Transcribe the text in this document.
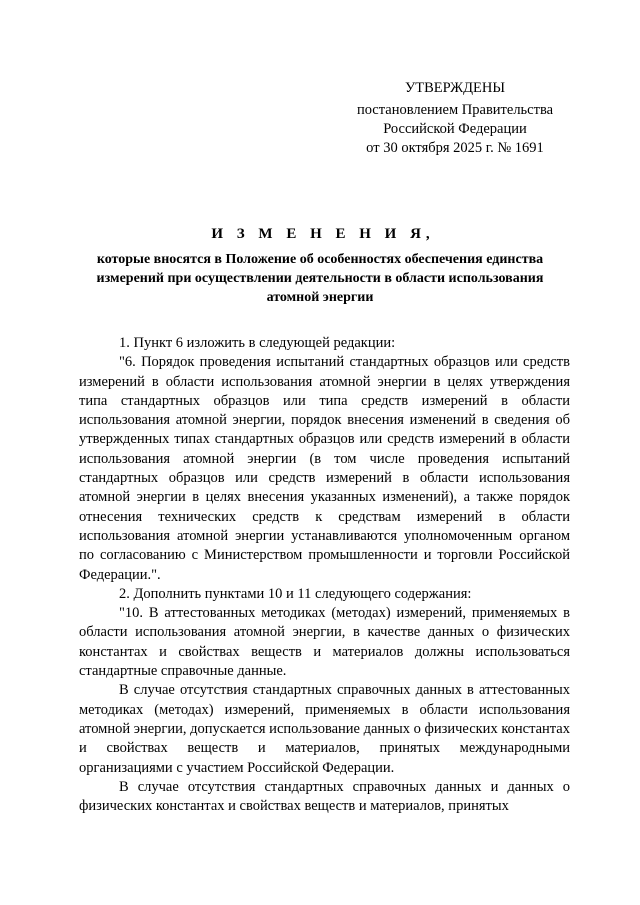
УТВЕРЖДЕНЫ
постановлением Правительства
Российской Федерации
от 30 октября 2025 г. № 1691
И З М Е Н Е Н И Я,
которые вносятся в Положение об особенностях обеспечения единства измерений при осуществлении деятельности в области использования атомной энергии

1. Пункт 6 изложить в следующей редакции:

"6. Порядок проведения испытаний стандартных образцов или средств измерений в области использования атомной энергии в целях утверждения типа стандартных образцов или типа средств измерений в области использования атомной энергии, порядок внесения изменений в сведения об утвержденных типах стандартных образцов или средств измерений в области использования атомной энергии (в том числе проведения испытаний стандартных образцов или средств измерений в области использования атомной энергии в целях внесения указанных изменений), а также порядок отнесения технических средств к средствам измерений в области использования атомной энергии устанавливаются уполномоченным органом по согласованию с Министерством промышленности и торговли Российской Федерации.".

2. Дополнить пунктами 10 и 11 следующего содержания:

"10. В аттестованных методиках (методах) измерений, применяемых в области использования атомной энергии, в качестве данных о физических константах и свойствах веществ и материалов должны использоваться стандартные справочные данные.

В случае отсутствия стандартных справочных данных в аттестованных методиках (методах) измерений, применяемых в области использования атомной энергии, допускается использование данных о физических константах и свойствах веществ и материалов, принятых международными организациями с участием Российской Федерации.

В случае отсутствия стандартных справочных данных и данных о физических константах и свойствах веществ и материалов, принятых
